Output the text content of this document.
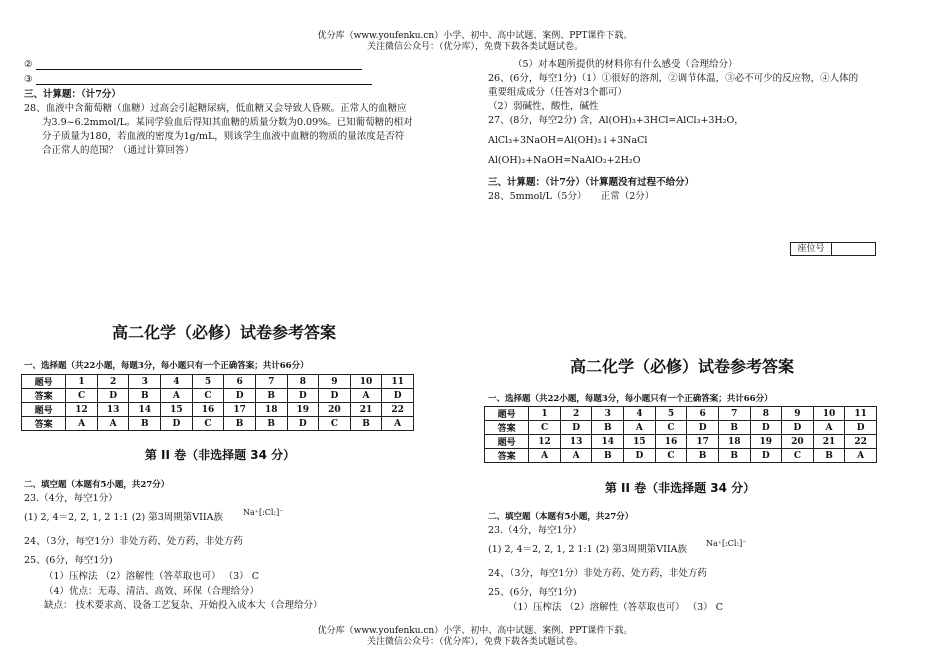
优分库（www.youfenku.cn）小学、初中、高中试题、案例、PPT课件下载。
关注微信公众号：（优分库），免费下载各类试题试卷。
②
③
三、计算题：（计7分）
28、血液中含葡萄糖（血糖）过高会引起糖尿病，低血糖又会导致人昏厥。正常人的血糖应
为3.9~6.2mmol/L。某同学验血后得知其血糖的质量分数为0.09%。已知葡萄糖的相对
分子质量为180，若血液的密度为1g/mL，则该学生血液中血糖的物质的量浓度是否符
合正常人的范围？（通过计算回答）
（5）对本题所提供的材料你有什么感受（合理给分）
26、(6分，每空1分)（1）①很好的溶剂，②调节体温，③必不可少的反应物，④人体的
重要组成成分（任答对3个都可）
（2）弱碱性，酸性，碱性
27、(8分，每空2分) 含，Al(OH)₃+3HCl=AlCl₃+3H₂O，
AlCl₃+3NaOH=Al(OH)₃↓+3NaCl
Al(OH)₃+NaOH=NaAlO₂+2H₂O
三、计算题：（计7分）（计算题没有过程不给分）
28、5mmol/L（5分）　　正常（2分）
座位号
高二化学（必修）试卷参考答案
一、选择题（共22小题，每题3分，每小题只有一个正确答案；共计66分）
题号	1	2	3	4	5	6	7	8	9	10	11
答案	C	D	B	A	C	D	B	D	D	A	D
题号	12	13	14	15	16	17	18	19	20	21	22
答案	A	A	B	D	C	B	B	D	C	B	A
第 II 卷（非选择题 34 分）
二、填空题（本题有5小题，共27分）
23.（4分，每空1分）
(1) 2, 4＝2, 2, 1, 2 1:1 (2) 第3周期第VIIA族	Na⁺[:Cl:]⁻
24、（3分，每空1分）非处方药，处方药，非处方药
25、(6分，每空1分)
（1）压榨法 （2）溶解性（答萃取也可） （3） C
（4）优点：无毒、清洁、高效、环保（合理给分）
缺点： 技术要求高、设备工艺复杂、开始投入成本大（合理给分）
高二化学（必修）试卷参考答案
一、选择题（共22小题，每题3分，每小题只有一个正确答案；共计66分）
题号	1	2	3	4	5	6	7	8	9	10	11
答案	C	D	B	A	C	D	B	D	D	A	D
题号	12	13	14	15	16	17	18	19	20	21	22
答案	A	A	B	D	C	B	B	D	C	B	A
第 II 卷（非选择题 34 分）
二、填空题（本题有5小题，共27分）
23.（4分，每空1分）
(1) 2, 4＝2, 2, 1, 2 1:1 (2) 第3周期第VIIA族
Na⁺[:Cl:]⁻
24、（3分，每空1分）非处方药，处方药，非处方药
25、(6分，每空1分)
（1）压榨法 （2）溶解性（答萃取也可） （3） C
优分库（www.youfenku.cn）小学、初中、高中试题、案例、PPT课件下载。
关注微信公众号：（优分库），免费下载各类试题试卷。
